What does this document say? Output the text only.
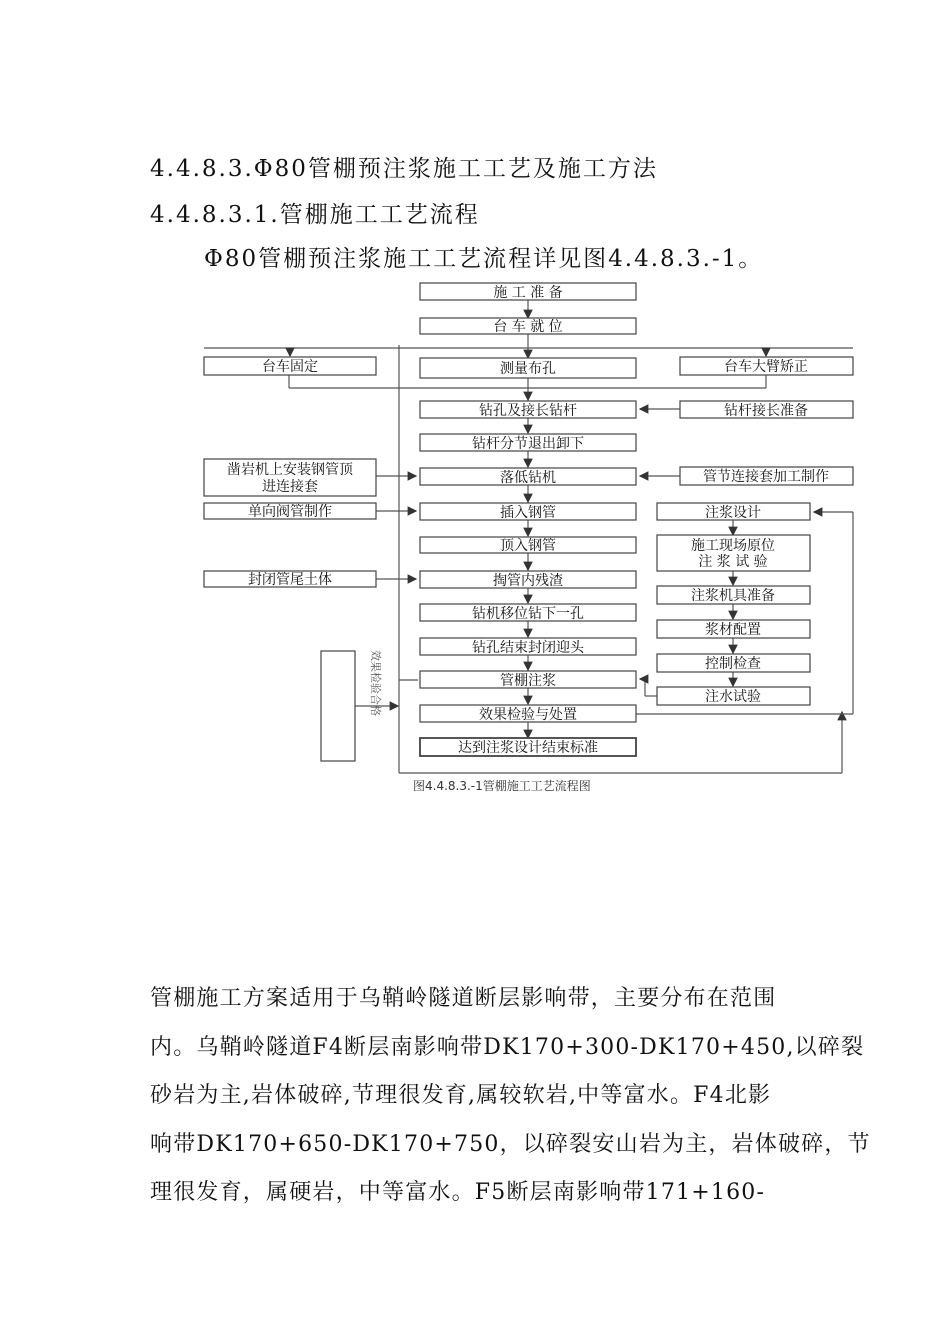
4.4.8.3.Φ80管棚预注浆施工工艺及施工方法
4.4.8.3.1.管棚施工工艺流程
Φ80管棚预注浆施工工艺流程详见图4.4.8.3.-1。
施 工 准 备
台 车 就 位
测量布孔
钻孔及接长钻杆
钻杆分节退出卸下
落低钻机
插入钢管
顶入钢管
掏管内残渣
钻机移位钻下一孔
钻孔结束封闭迎头
管棚注浆
效果检验与处置
达到注浆设计结束标准
台车固定
凿岩机上安装钢管顶
进连接套
单向阀管制作
封闭管尾土体
效果检验合格
台车大臂矫正
钻杆接长准备
管节连接套加工制作
注浆设计
施工现场原位
注 浆 试 验
注浆机具准备
浆材配置
控制检查
注水试验
图4.4.8.3.-1管棚施工工艺流程图

管棚施工方案适用于乌鞘岭隧道断层影响带，主要分布在范围

内。乌鞘岭隧道F4断层南影响带DK170+300-DK170+450,以碎裂

砂岩为主,岩体破碎,节理很发育,属较软岩,中等富水。F4北影

响带DK170+650-DK170+750，以碎裂安山岩为主，岩体破碎，节

理很发育，属硬岩，中等富水。F5断层南影响带171+160-
